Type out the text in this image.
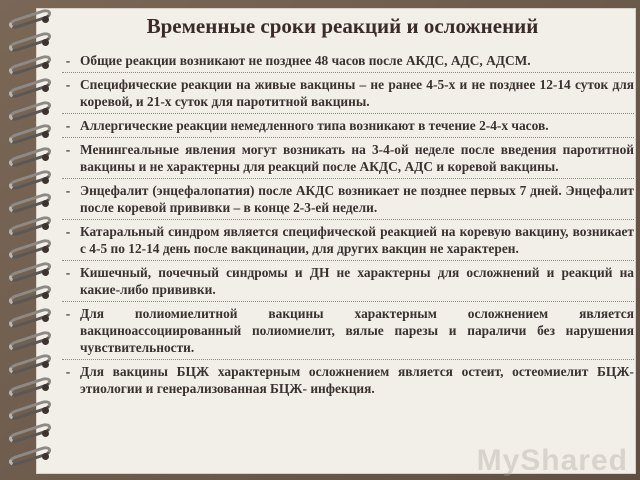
Временные сроки реакций и осложнений
- Общие реакции возникают не позднее 48 часов после АКДС, АДС, АДСМ.
- Специфические реакции на живые вакцины – не ранее 4-5-х и не позднее 12-14 суток для коревой, и 21-х суток для паротитной вакцины.
- Аллергические реакции немедленного типа возникают в течение 2-4-х часов.
- Менингеальные явления могут возникать на 3-4-ой неделе после введения паротитной вакцины и не характерны для реакций после АКДС, АДС и коревой вакцины.
- Энцефалит (энцефалопатия) после АКДС возникает не позднее первых 7 дней. Энцефалит после коревой прививки – в конце 2-3-ей недели.
- Катаральный синдром является специфической реакцией на коревую вакцину, возникает с 4-5 по 12-14 день после вакцинации, для других вакцин не характерен.
- Кишечный, почечный синдромы и ДН не характерны для осложнений и реакций на какие-либо прививки.
- Для полиомиелитной вакцины характерным осложнением является вакциноассоциированный полиомиелит, вялые парезы и параличи без нарушения чувствительности.
- Для вакцины БЦЖ характерным осложнением является остеит, остеомиелит БЦЖ-этиологии и генерализованная БЦЖ- инфекция.
MyShared
